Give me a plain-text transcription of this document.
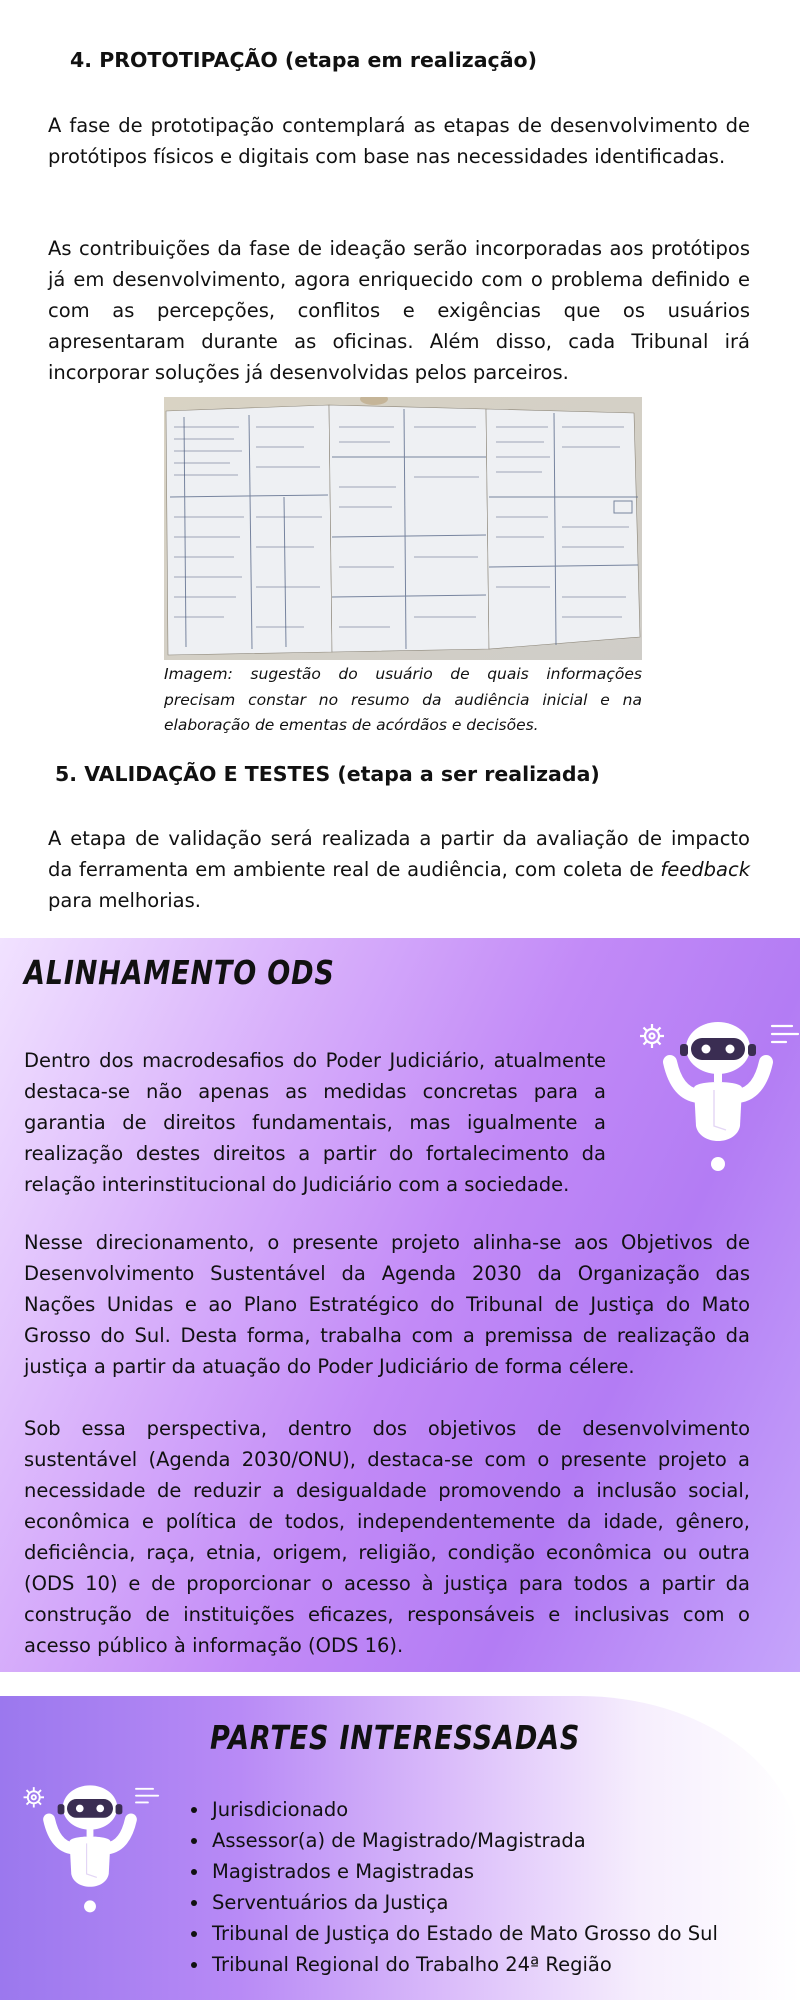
4. PROTOTIPAÇÃO (etapa em realização)
A fase de prototipação contemplará as etapas de desenvolvimento de protótipos físicos e digitais com base nas necessidades identificadas.
As contribuições da fase de ideação serão incorporadas aos protótipos já em desenvolvimento, agora enriquecido com o problema definido e com as percepções, conflitos e exigências que os usuários apresentaram durante as oficinas. Além disso, cada Tribunal irá incorporar soluções já desenvolvidas pelos parceiros.
Imagem: sugestão do usuário de quais informações precisam constar no resumo da audiência inicial e na elaboração de ementas de acórdãos e decisões.
5. VALIDAÇÃO E TESTES (etapa a ser realizada)
A etapa de validação será realizada a partir da avaliação de impacto da ferramenta em ambiente real de audiência, com coleta de feedback para melhorias.
ALINHAMENTO ODS
Dentro dos macrodesafios do Poder Judiciário, atualmente destaca-se não apenas as medidas concretas para a garantia de direitos fundamentais, mas igualmente a realização destes direitos a partir do fortalecimento da relação interinstitucional do Judiciário com a sociedade.
Nesse direcionamento, o presente projeto alinha-se aos Objetivos de Desenvolvimento Sustentável da Agenda 2030 da Organização das Nações Unidas e ao Plano Estratégico do Tribunal de Justiça do Mato Grosso do Sul. Desta forma, trabalha com a premissa de realização da justiça a partir da atuação do Poder Judiciário de forma célere.
Sob essa perspectiva, dentro dos objetivos de desenvolvimento sustentável (Agenda 2030/ONU), destaca-se com o presente projeto a necessidade de reduzir a desigualdade promovendo a inclusão social, econômica e política de todos, independentemente da idade, gênero, deficiência, raça, etnia, origem, religião, condição econômica ou outra (ODS 10) e de proporcionar o acesso à justiça para todos a partir da construção de instituições eficazes, responsáveis e inclusivas com o acesso público à informação (ODS 16).
PARTES INTERESSADAS
• Jurisdicionado
• Assessor(a) de Magistrado/Magistrada
• Magistrados e Magistradas
• Serventuários da Justiça
• Tribunal de Justiça do Estado de Mato Grosso do Sul
• Tribunal Regional do Trabalho 24ª Região
